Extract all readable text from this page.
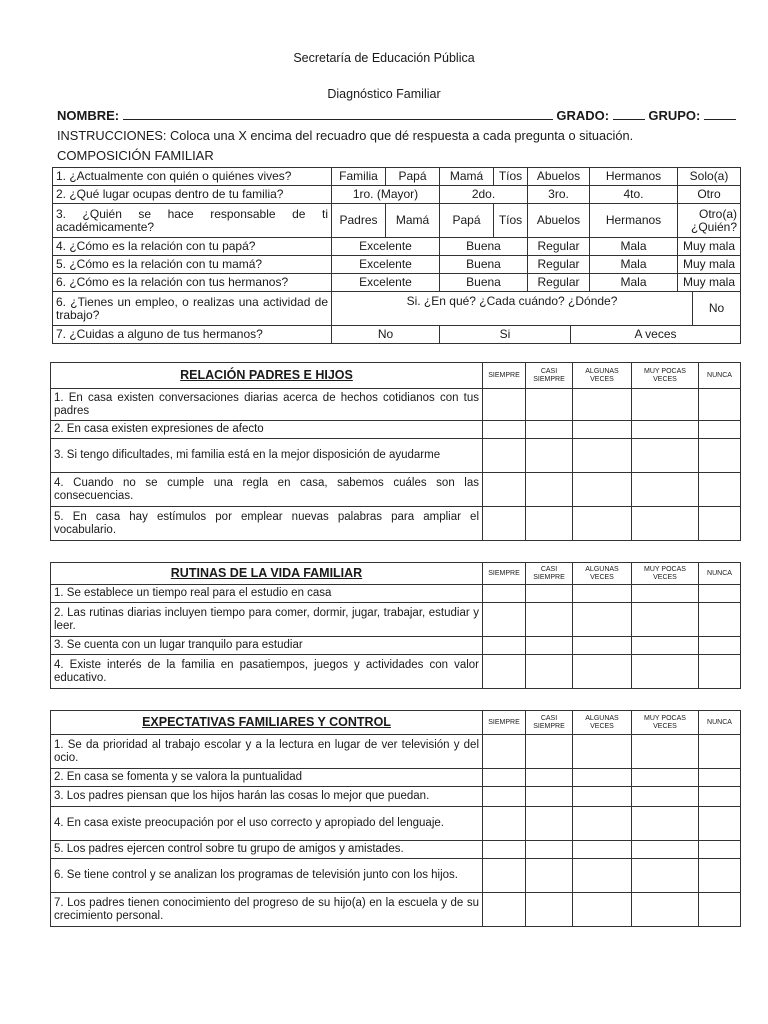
Secretaría de Educación Pública
Diagnóstico Familiar
NOMBRE:	GRADO:	GRUPO:
INSTRUCCIONES: Coloca una X encima del recuadro que dé respuesta a cada pregunta o situación.
COMPOSICIÓN FAMILIAR
1. ¿Actualmente con quién o quiénes vives?	Familia	Papá	Mamá	Tíos	Abuelos		Hermanos	Solo(a)	
2. ¿Qué lugar ocupas dentro de tu familia?	1ro. (Mayor)		2do.		3ro.		4to.	Otro	
3. ¿Quién se hace responsable de ti académicamente?	Padres	Mamá	Papá	Tíos	Abuelos		Hermanos	Otro(a) ¿Quién?	
4. ¿Cómo es la relación con tu papá?	Excelente		Buena		Regular		Mala	Muy mala	
5. ¿Cómo es la relación con tu mamá?	Excelente		Buena		Regular		Mala	Muy mala	
6. ¿Cómo es la relación con tus hermanos?	Excelente		Buena		Regular		Mala	Muy mala	
6. ¿Tienes un empleo, o realizas una actividad de trabajo?	Si. ¿En qué? ¿Cada cuándo? ¿Dónde?								No
7. ¿Cuidas a alguno de tus hermanos?	No		Si			A veces			
RELACIÓN PADRES E HIJOS	SIEMPRE	CASI SIEMPRE	ALGUNAS VECES	MUY POCAS VECES	NUNCA
1. En casa existen conversaciones diarias acerca de hechos cotidianos con tus padres					
2. En casa existen expresiones de afecto					
3. Si tengo dificultades, mi familia está en la mejor disposición de ayudarme					
4. Cuando no se cumple una regla en casa, sabemos cuáles son las consecuencias.					
5. En casa hay estímulos por emplear nuevas palabras para ampliar el vocabulario.					
RUTINAS DE LA VIDA FAMILIAR	SIEMPRE	CASI SIEMPRE	ALGUNAS VECES	MUY POCAS VECES	NUNCA
1. Se establece un tiempo real para el estudio en casa					
2. Las rutinas diarias incluyen tiempo para comer, dormir, jugar, trabajar, estudiar y leer.					
3. Se cuenta con un lugar tranquilo para estudiar					
4. Existe interés de la familia en pasatiempos, juegos y actividades con valor educativo.					
EXPECTATIVAS FAMILIARES Y CONTROL	SIEMPRE	CASI SIEMPRE	ALGUNAS VECES	MUY POCAS VECES	NUNCA
1. Se da prioridad al trabajo escolar y a la lectura en lugar de ver televisión y del ocio.					
2. En casa se fomenta y se valora la puntualidad					
3. Los padres piensan que los hijos harán las cosas lo mejor que puedan.					
4. En casa existe preocupación por el uso correcto y apropiado del lenguaje.					
5. Los padres ejercen control sobre tu grupo de amigos y amistades.					
6. Se tiene control y se analizan los programas de televisión junto con los hijos.					
7. Los padres tienen conocimiento del progreso de su hijo(a) en la escuela y de su crecimiento personal.					
